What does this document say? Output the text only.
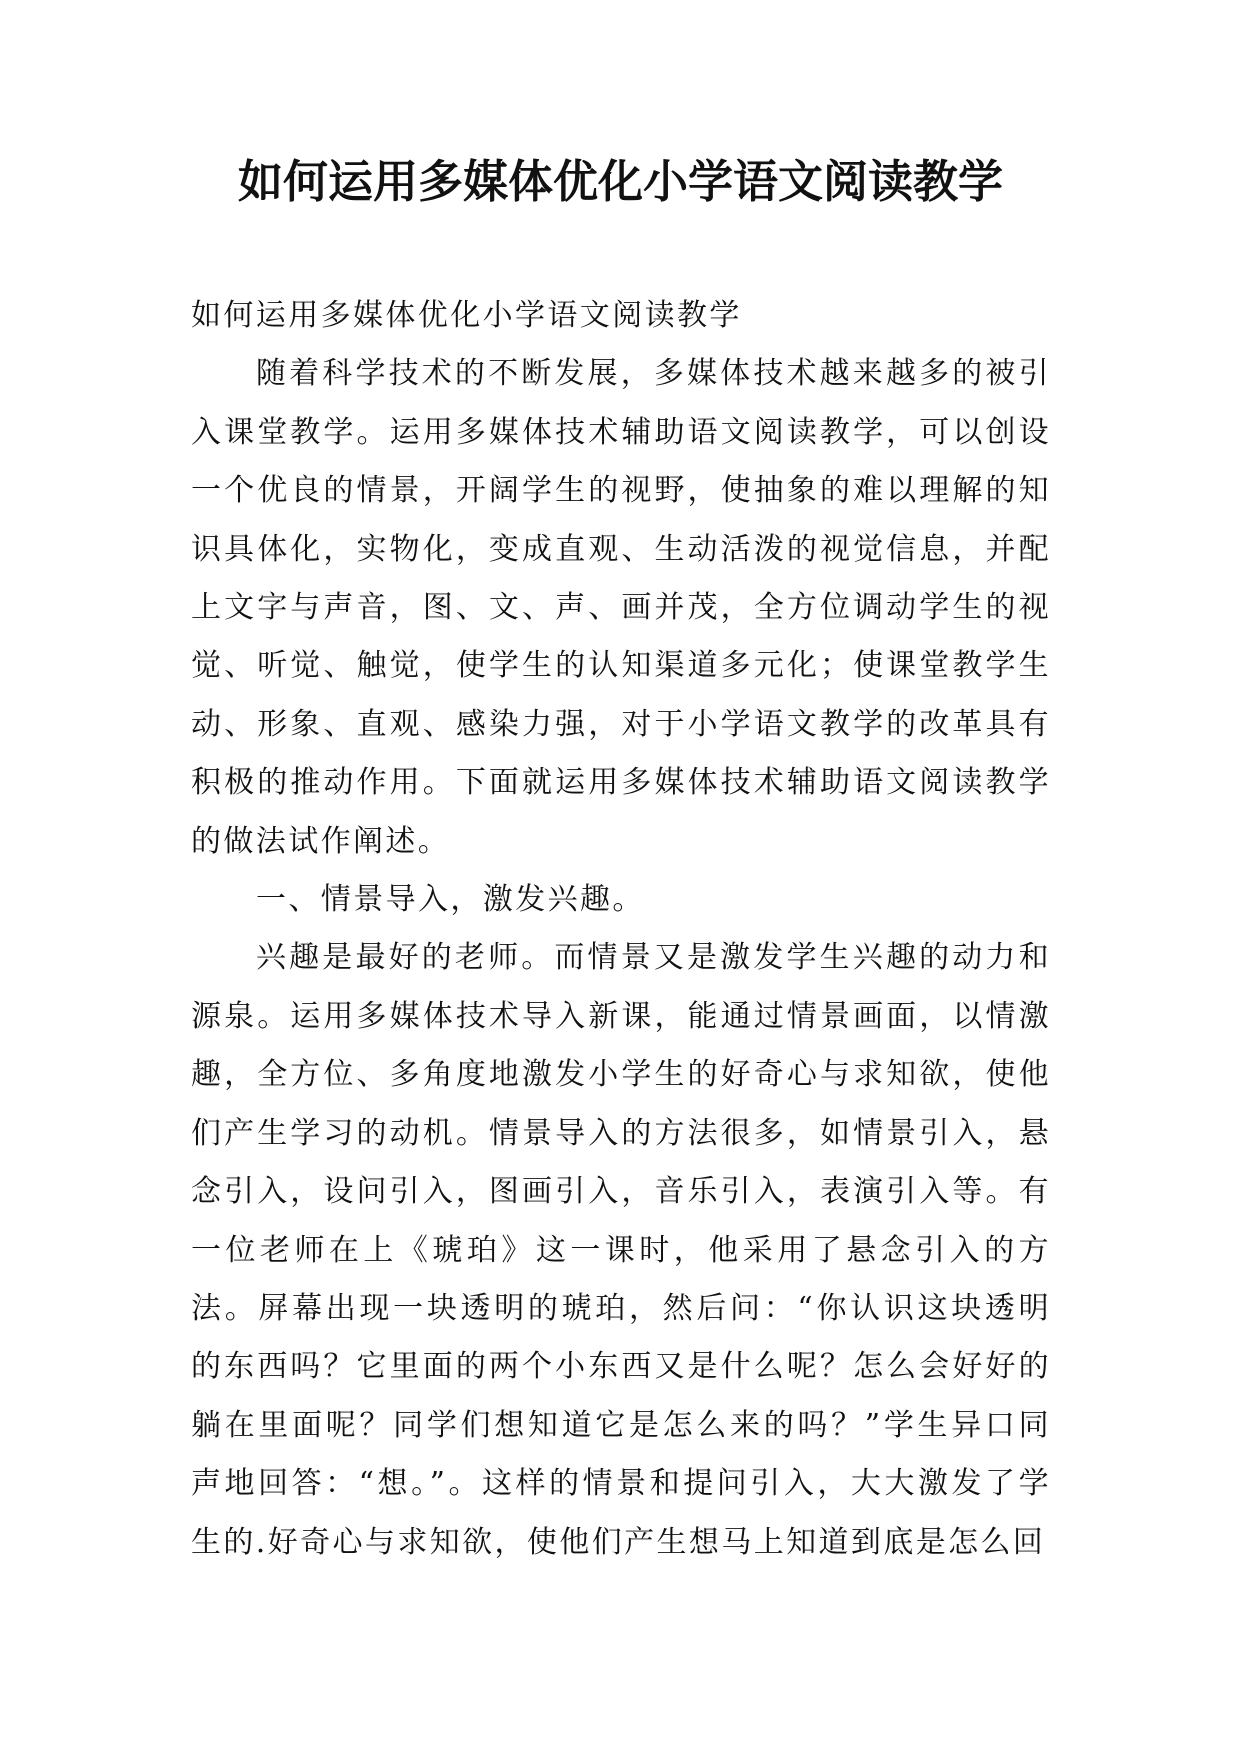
如何运用多媒体优化小学语文阅读教学

如何运用多媒体优化小学语文阅读教学

随着科学技术的不断发展，多媒体技术越来越多的被引入课堂教学。运用多媒体技术辅助语文阅读教学，可以创设一个优良的情景，开阔学生的视野，使抽象的难以理解的知识具体化，实物化，变成直观、生动活泼的视觉信息，并配上文字与声音，图、文、声、画并茂，全方位调动学生的视觉、听觉、触觉，使学生的认知渠道多元化；使课堂教学生动、形象、直观、感染力强，对于小学语文教学的改革具有积极的推动作用。下面就运用多媒体技术辅助语文阅读教学的做法试作阐述。

一、情景导入，激发兴趣。

兴趣是最好的老师。而情景又是激发学生兴趣的动力和源泉。运用多媒体技术导入新课，能通过情景画面，以情激趣，全方位、多角度地激发小学生的好奇心与求知欲，使他们产生学习的动机。情景导入的方法很多，如情景引入，悬念引入，设问引入，图画引入，音乐引入，表演引入等。有一位老师在上《琥珀》这一课时，他采用了悬念引入的方法。屏幕出现一块透明的琥珀，然后问：“你认识这块透明的东西吗？它里面的两个小东西又是什么呢？怎么会好好的躺在里面呢？同学们想知道它是怎么来的吗？”学生异口同声地回答：“想。”。这样的情景和提问引入，大大激发了学生的.好奇心与求知欲，使他们产生想马上知道到底是怎么回
